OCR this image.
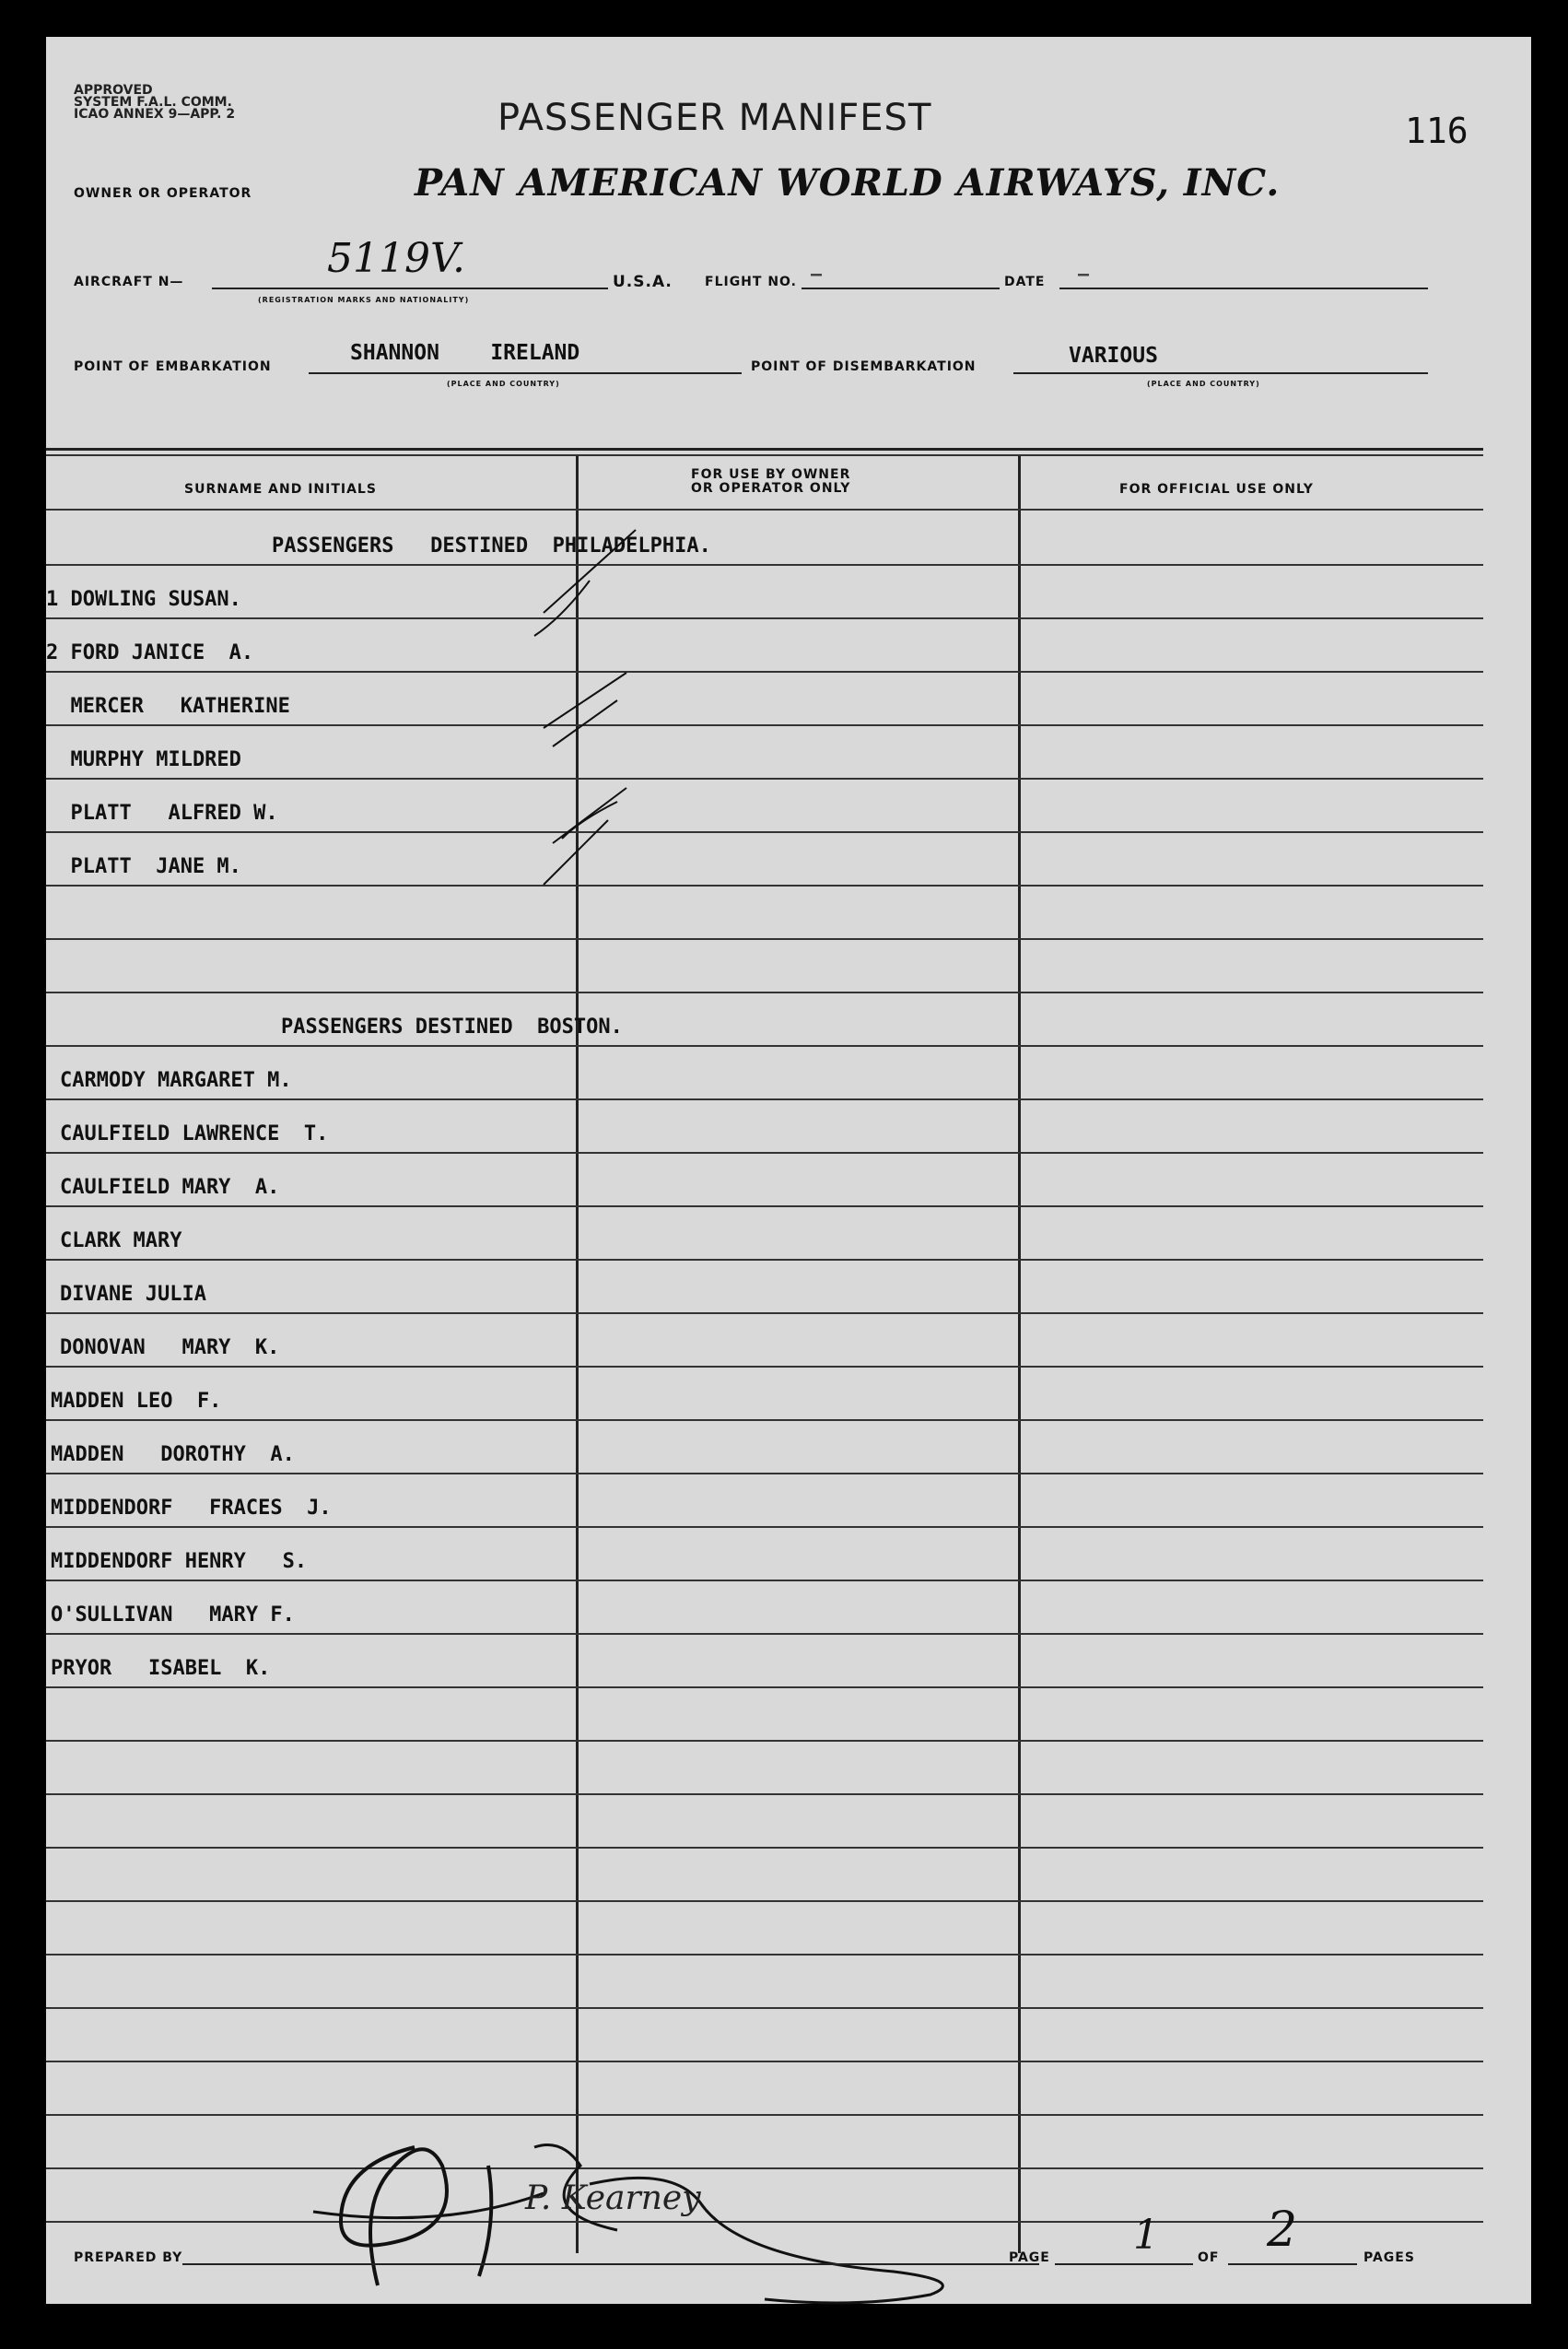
APPROVED
SYSTEM F.A.L. COMM.
ICAO ANNEX 9—APP. 2	PASSENGER MANIFEST	116
OWNER OR OPERATOR	PAN AMERICAN WORLD AIRWAYS, INC.
AIRCRAFT N—	5119V.
(REGISTRATION MARKS AND NATIONALITY)
U.S.A.	FLIGHT NO. —	DATE —
POINT OF EMBARKATION
SHANNON    IRELAND
(PLACE AND COUNTRY)
POINT OF DISEMBARKATION	VARIOUS
(PLACE AND COUNTRY)
SURNAME AND INITIALS
FOR USE BY OWNER
OR OPERATOR ONLY	FOR OFFICIAL USE ONLY
PASSENGERS   DESTINED  PHILADELPHIA.
1 DOWLING SUSAN.
2 FORD JANICE  A.
MERCER   KATHERINE
MURPHY MILDRED
PLATT   ALFRED W.
PLATT  JANE M.
PASSENGERS DESTINED  BOSTON.
CARMODY MARGARET M.
CAULFIELD LAWRENCE  T.
CAULFIELD MARY  A.
CLARK MARY
DIVANE JULIA
DONOVAN   MARY  K.
MADDEN LEO  F.
MADDEN   DOROTHY  A.
MIDDENDORF   FRACES  J.
MIDDENDORF HENRY   S.
O'SULLIVAN   MARY F.
PRYOR   ISABEL  K.
P. Kearney
PREPARED BY	PAGE 1	OF 2	PAGES
